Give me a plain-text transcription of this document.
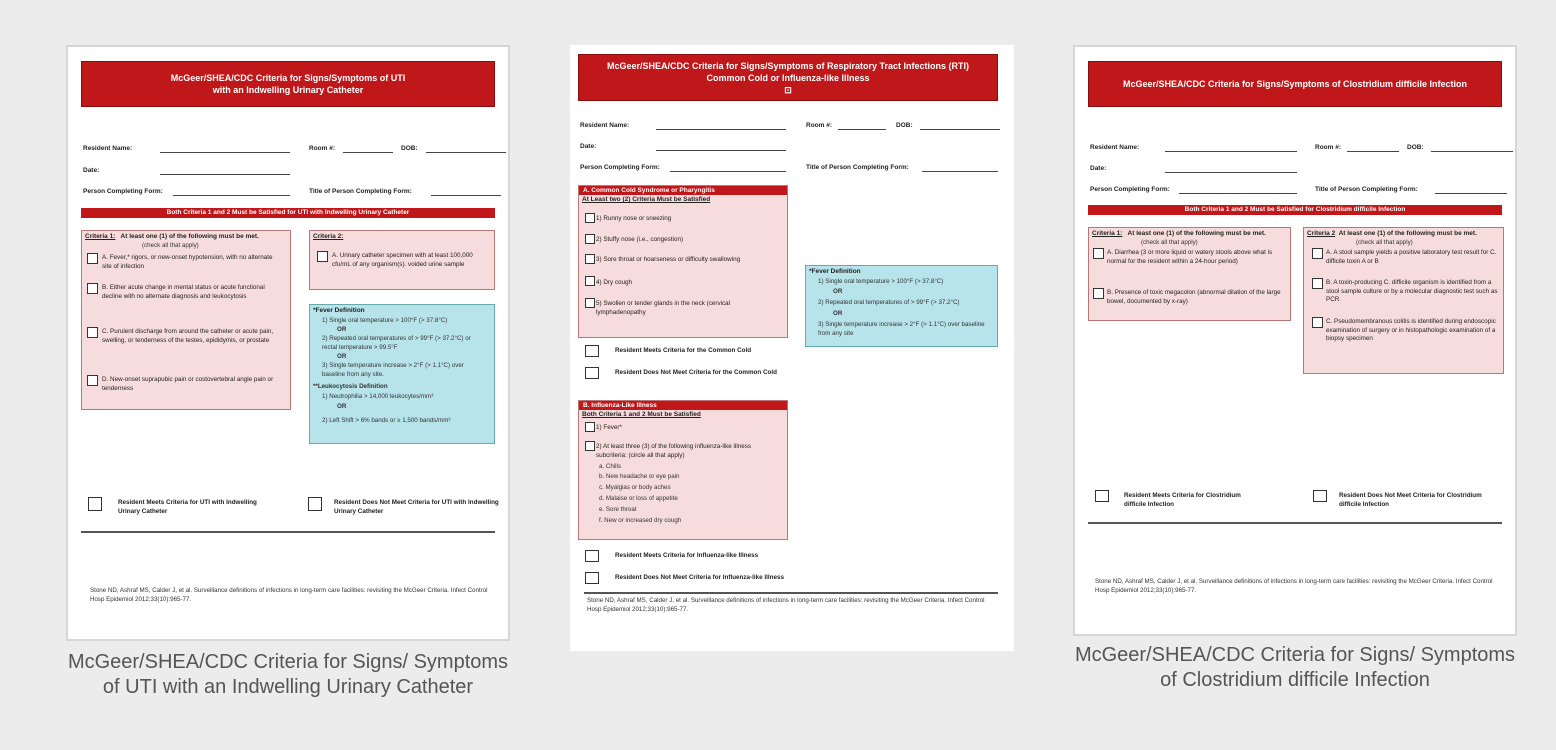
McGeer/SHEA/CDC Criteria for Signs/Symptoms of UTI
with an Indwelling Urinary Catheter
Resident Name:	Room #:	DOB:
Date:
Person Completing Form:	Title of Person Completing Form:
Both Criteria 1 and 2 Must be Satisfied for UTI with Indwelling Urinary Catheter
Criteria 1: At least one (1) of the following must be met.
(check all that apply)
A. Fever,* rigors, or new-onset hypotension, with no alternate site of infection
B. Either acute change in mental status or acute functional decline with no alternate diagnosis and leukocytosis
C. Purulent discharge from around the catheter or acute pain, swelling, or tenderness of the testes, epididymis, or prostate
D. New-onset suprapubic pain or costovertebral angle pain or tenderness
Criteria 2:
A. Urinary catheter specimen with at least 100,000 cfu/mL of any organism(s). voided urine sample
*Fever Definition
1) Single oral temperature > 100°F (> 37.8°C)
OR
2) Repeated oral temperatures of > 99°F (> 37.2°C) or rectal temperature > 99.5°F
OR
3) Single temperature increase > 2°F (> 1.1°C) over baseline from any site.
**Leukocytosis Definition
1) Neutrophilia > 14,000 leukocytes/mm³
OR
2) Left Shift > 6% bands or ≥ 1,500 bands/mm³
Resident Meets Criteria for UTI with Indwelling Urinary Catheter
Resident Does Not Meet Criteria for UTI with Indwelling Urinary Catheter
Stone ND, Ashraf MS, Calder J, et al. Surveillance definitions of infections in long-term care facilities: revisiting the McGeer Criteria. Infect Control Hosp Epidemiol 2012;33(10):965-77.
McGeer/SHEA/CDC Criteria for Signs/ Symptoms of UTI with an Indwelling Urinary Catheter
McGeer/SHEA/CDC Criteria for Signs/Symptoms of Respiratory Tract Infections (RTI)
Common Cold or Influenza-like Illness
⊡
Resident Name:	Room #:	DOB:
Date:
Person Completing Form:	Title of Person Completing Form:
A. Common Cold Syndrome or Pharyngitis
At Least two (2) Criteria Must be Satisfied
1) Runny nose or sneezing
2) Stuffy nose (i.e., congestion)
3) Sore throat or hoarseness or difficulty swallowing
4) Dry cough
5) Swollen or tender glands in the neck (cervical lymphadenopathy
*Fever Definition
1) Single oral temperature > 100°F (> 37.8°C)
OR
2) Repeated oral temperatures of > 99°F (> 37.2°C)
OR
3) Single temperature increase > 2°F (> 1.1°C) over baseline from any site
Resident Meets Criteria for the Common Cold
Resident Does Not Meet Criteria for the Common Cold
B. Influenza-Like Illness
Both Criteria 1 and 2 Must be Satisfied
1) Fever*
2) At least three (3) of the following influenza-like illness subcriteria: (circle all that apply)
a. Chills
b. New headache or eye pain
c. Myalgias or body aches
d. Malaise or loss of appetite
e. Sore throat
f. New or increased dry cough
Resident Meets Criteria for Influenza-like Illness
Resident Does Not Meet Criteria for Influenza-like Illness
Stone ND, Ashraf MS, Calder J, et al. Surveillance definitions of infections in long-term care facilities: revisiting the McGeer Criteria. Infect Control Hosp Epidemiol 2012;33(10):965-77.
McGeer/SHEA/CDC Criteria for Signs/Symptoms of Clostridium difficile Infection
Resident Name:	Room #:	DOB:
Date:
Person Completing Form:	Title of Person Completing Form:
Both Criteria 1 and 2 Must be Satisfied for Clostridium difficile Infection
Criteria 1: At least one (1) of the following must be met.
(check all that apply)
A. Diarrhea (3 or more liquid or watery stools above what is normal for the resident within a 24-hour period)
B. Presence of toxic megacolon (abnormal dilation of the large bowel, documented by x-ray)
Criteria 2 At least one (1) of the following must be met.
(check all that apply)
A. A stool sample yields a positive laboratory test result for C. difficile toxin A or B
B. A toxin-producing C. difficile organism is identified from a stool sample culture or by a molecular diagnostic test such as PCR
C. Pseudomembranous colitis is identified during endoscopic examination of surgery or in histopathologic examination of a biopsy specimen
Resident Meets Criteria for Clostridium difficile Infection
Resident Does Not Meet Criteria for Clostridium difficile Infection
Stone ND, Ashraf MS, Calder J, et al. Surveillance definitions of infections in long-term care facilities: revisiting the McGeer Criteria. Infect Control Hosp Epidemiol 2012;33(10):965-77.
McGeer/SHEA/CDC Criteria for Signs/ Symptoms of Clostridium difficile Infection
